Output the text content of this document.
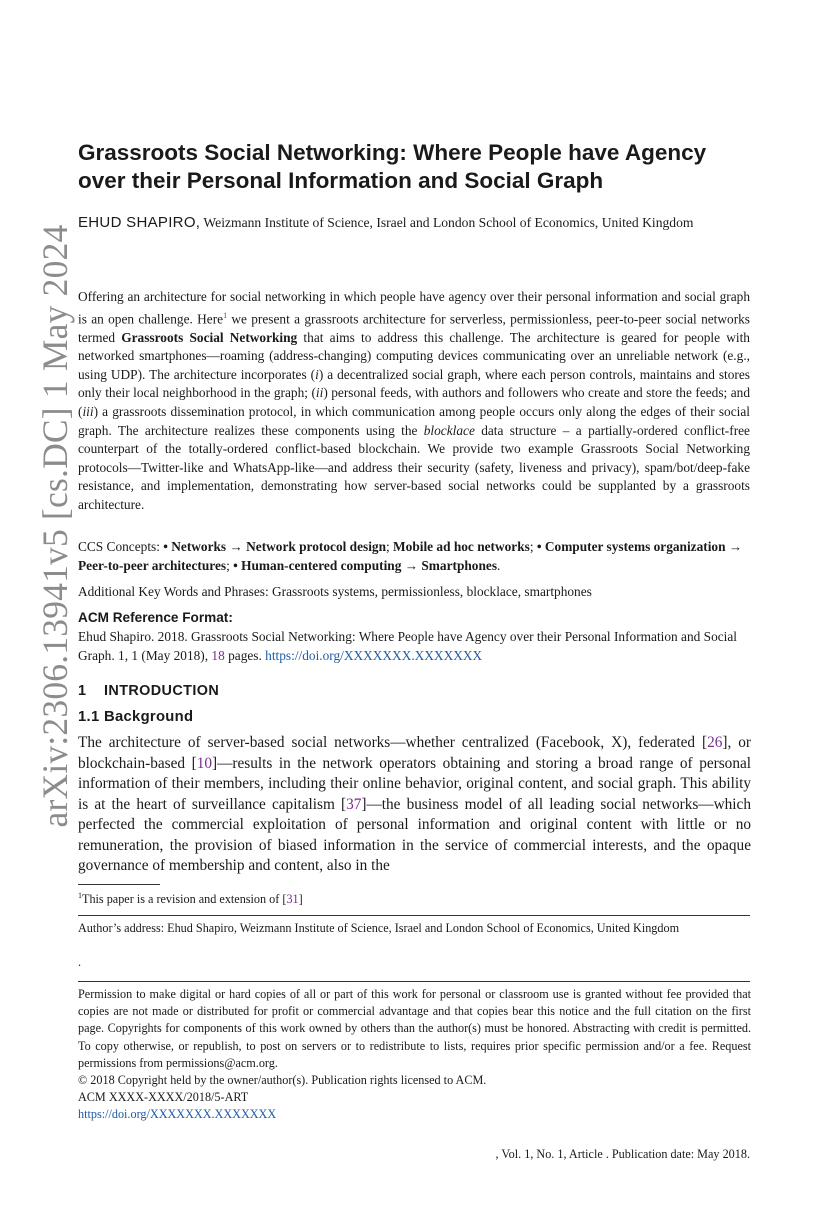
arXiv:2306.13941v5 [cs.DC] 1 May 2024
Grassroots Social Networking: Where People have Agency over their Personal Information and Social Graph
EHUD SHAPIRO, Weizmann Institute of Science, Israel and London School of Economics, United Kingdom

Offering an architecture for social networking in which people have agency over their personal information and social graph is an open challenge. Here$^1$ we present a grassroots architecture for serverless, permissionless, peer-to-peer social networks termed Grassroots Social Networking that aims to address this challenge. The architecture is geared for people with networked smartphones—roaming (address-changing) computing devices communicating over an unreliable network (e.g., using UDP). The architecture incorporates (i) a decentralized social graph, where each person controls, maintains and stores only their local neighborhood in the graph; (ii) personal feeds, with authors and followers who create and store the feeds; and (iii) a grassroots dissemination protocol, in which communication among people occurs only along the edges of their social graph. The architecture realizes these components using the blocklace data structure – a partially-ordered conflict-free counterpart of the totally-ordered conflict-based blockchain. We provide two example Grassroots Social Networking protocols—Twitter-like and WhatsApp-like—and address their security (safety, liveness and privacy), spam/bot/deep-fake resistance, and implementation, demonstrating how server-based social networks could be supplanted by a grassroots architecture.

CCS Concepts: • Networks → Network protocol design; Mobile ad hoc networks; • Computer systems organization → Peer-to-peer architectures; • Human-centered computing → Smartphones.

Additional Key Words and Phrases: Grassroots systems, permissionless, blocklace, smartphones

ACM Reference Format:

Ehud Shapiro. 2018. Grassroots Social Networking: Where People have Agency over their Personal Information and Social Graph. 1, 1 (May 2018), 18 pages. https://doi.org/XXXXXXX.XXXXXXX

1 INTRODUCTION
1.1 Background

The architecture of server-based social networks—whether centralized (Facebook, X), federated [26], or blockchain-based [10]—results in the network operators obtaining and storing a broad range of personal information of their members, including their online behavior, original content, and social graph. This ability is at the heart of surveillance capitalism [37]—the business model of all leading social networks—which perfected the commercial exploitation of personal information and original content with little or no remuneration, the provision of biased information in the service of commercial interests, and the opaque governance of membership and content, also in the

$^1$This paper is a revision and extension of [31]

Author’s address: Ehud Shapiro, Weizmann Institute of Science, Israel and London School of Economics, United Kingdom

.

Permission to make digital or hard copies of all or part of this work for personal or classroom use is granted without fee provided that copies are not made or distributed for profit or commercial advantage and that copies bear this notice and the full citation on the first page. Copyrights for components of this work owned by others than the author(s) must be honored. Abstracting with credit is permitted. To copy otherwise, or republish, to post on servers or to redistribute to lists, requires prior specific permission and/or a fee. Request permissions from permissions@acm.org.

© 2018 Copyright held by the owner/author(s). Publication rights licensed to ACM.
ACM XXXX-XXXX/2018/5-ART
https://doi.org/XXXXXXX.XXXXXXX

, Vol. 1, No. 1, Article . Publication date: May 2018.
